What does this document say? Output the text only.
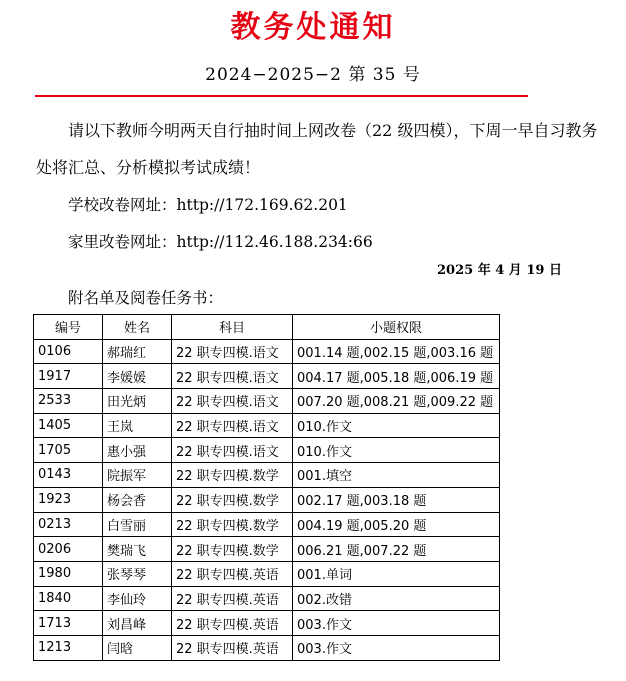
教务处通知
2024−2025−2 第 35 号
请以下教师今明两天自行抽时间上网改卷（22 级四模），下周一早自习教务处将汇总、分析模拟考试成绩！
学校改卷网址：http://172.169.62.201
家里改卷网址：http://112.46.188.234:66
2025 年 4 月 19 日
附名单及阅卷任务书：
编号	姓名	科目	小题权限
0106	郝瑞红	22 职专四模.语文	001.14 题,002.15 题,003.16 题
1917	李媛媛	22 职专四模.语文	004.17 题,005.18 题,006.19 题
2533	田光炳	22 职专四模.语文	007.20 题,008.21 题,009.22 题
1405	王岚	22 职专四模.语文	010.作文
1705	惠小强	22 职专四模.语文	010.作文
0143	院振军	22 职专四模.数学	001.填空
1923	杨会香	22 职专四模.数学	002.17 题,003.18 题
0213	白雪丽	22 职专四模.数学	004.19 题,005.20 题
0206	樊瑞飞	22 职专四模.数学	006.21 题,007.22 题
1980	张琴琴	22 职专四模.英语	001.单词
1840	李仙玲	22 职专四模.英语	002.改错
1713	刘昌峰	22 职专四模.英语	003.作文
1213	闫晗	22 职专四模.英语	003.作文
